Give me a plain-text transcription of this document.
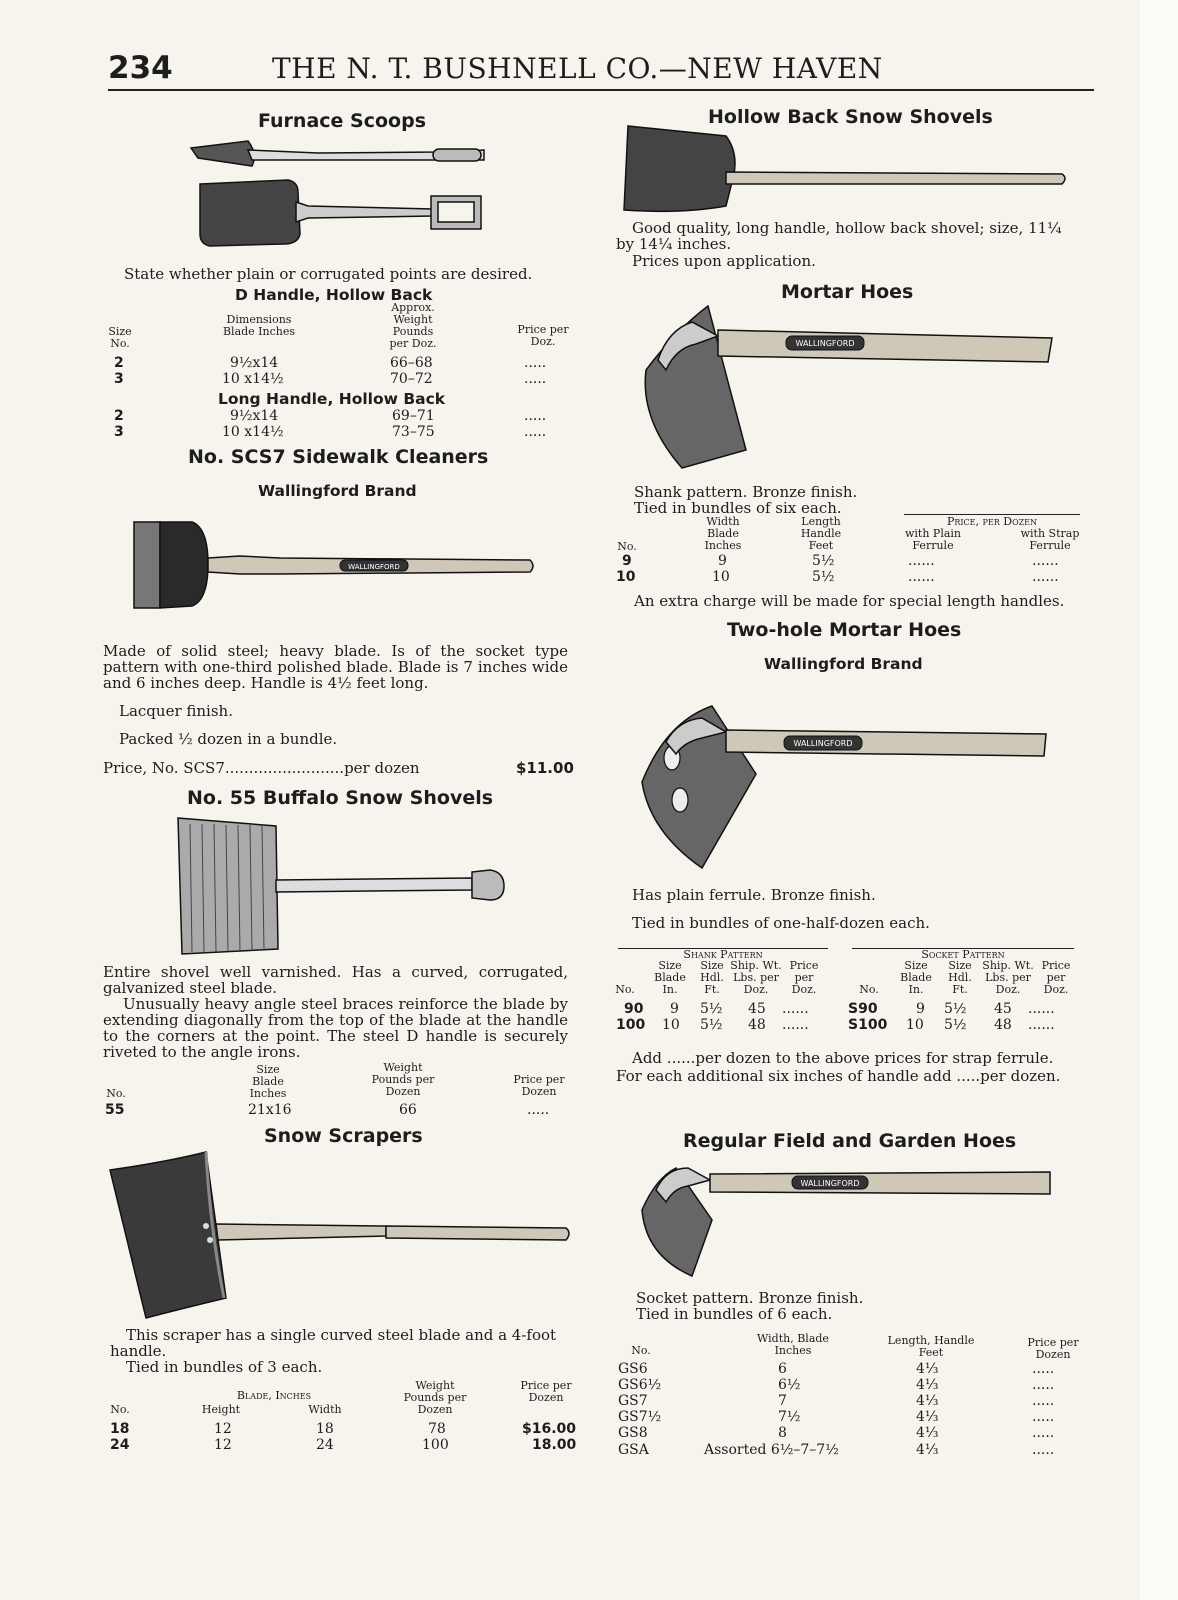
234	THE N. T. BUSHNELL CO.—NEW HAVEN
Furnace Scoops
State whether plain or corrugated points are desired.
D Handle, Hollow Back
Size No.
Dimensions Blade Inches
Approx. Weight Pounds per Doz.
Price per Doz.
2	9½x14	66–68	.....
3	10 x14½	70–72	.....
Long Handle, Hollow Back
2	9½x14	69–71	.....
3	10 x14½	73–75	.....
No. SCS7 Sidewalk Cleaners
Wallingford Brand
WALLINGFORD
Made of solid steel; heavy blade. Is of the socket type pattern with one-third polished blade. Blade is 7 inches wide and 6 inches deep. Handle is 4½ feet long.
Lacquer finish.
Packed ½ dozen in a bundle.
Price, No. SCS7.........................per dozen	$11.00
No. 55 Buffalo Snow Shovels
Entire shovel well varnished. Has a curved, corrugated, galvanized steel blade.
Unusually heavy angle steel braces reinforce the blade by extending diagonally from the top of the blade at the handle to the corners at the point. The steel D handle is securely riveted to the angle irons.
No.
Size Blade Inches
Weight Pounds per Dozen
Price per Dozen
55	21x16	66	.....
Snow Scrapers
This scraper has a single curved steel blade and a 4-foot handle.
Tied in bundles of 3 each.
Blade, Inches
No.	Height	Width
Weight Pounds per Dozen
Price per Dozen
18	12	18	78	$16.00
24	12	24	100	18.00
Hollow Back Snow Shovels
Good quality, long handle, hollow back shovel; size, 11¼ by 14¼ inches.
Prices upon application.
Mortar Hoes
WALLINGFORD
Shank pattern. Bronze finish.
Tied in bundles of six each.
Width Blade Inches
Length Handle Feet
Price, per Dozen
with Plain Ferrule
with Strap Ferrule
No.
9	9	5½	......	......
10	10	5½	......	......
An extra charge will be made for special length handles.
Two-hole Mortar Hoes
Wallingford Brand
WALLINGFORD
Has plain ferrule. Bronze finish.
Tied in bundles of one-half-dozen each.
Shank Pattern	Socket Pattern
No.
Size Blade In.
Size Hdl. Ft.
Ship. Wt. Lbs. per Doz.
Price per Doz.	No.
Size Blade In.
Size Hdl. Ft.
Ship. Wt. Lbs. per Doz.
Price per Doz.
90 9 5½ 45 ......
100 10 5½ 48 ......
S90	9 5½ 45 ......
S100 10 5½ 48 ......
Add ......per dozen to the above prices for strap ferrule.
For each additional six inches of handle add .....per dozen.
Regular Field and Garden Hoes
WALLINGFORD
Socket pattern. Bronze finish.
Tied in bundles of 6 each.
No.
Width, Blade Inches
Length, Handle Feet
Price per Dozen
GS6	6	4⅓	.....
GS6½	6½	4⅓	.....
GS7	7	4⅓	.....
GS7½	7½	4⅓	.....
GS8	8	4⅓	.....
GSA	Assorted 6½–7–7½	4⅓	.....
